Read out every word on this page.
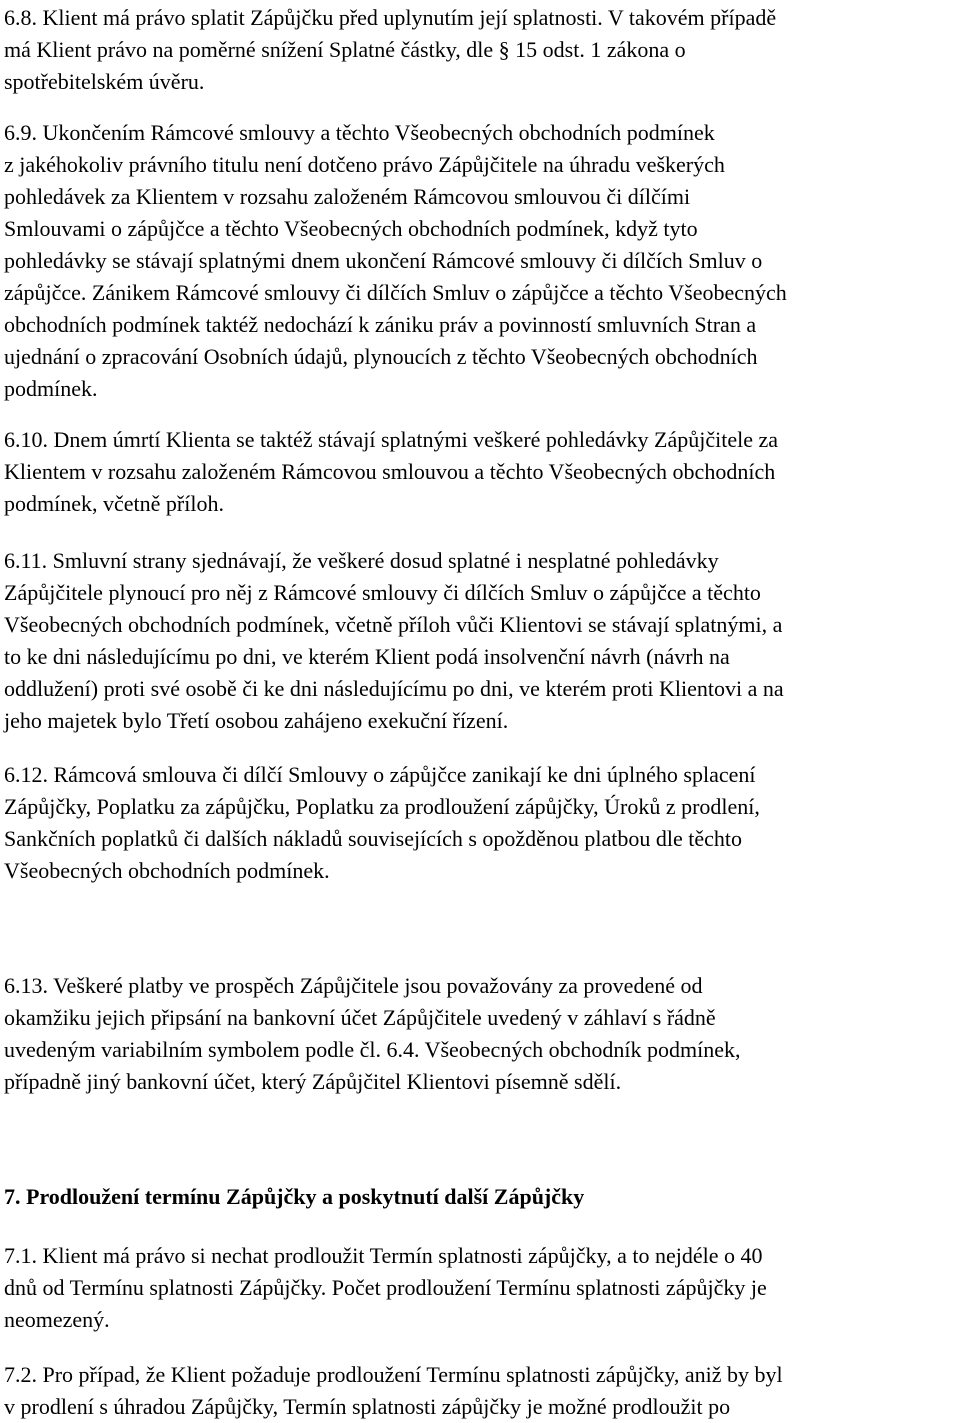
6.8. Klient má právo splatit Zápůjčku před uplynutím její splatnosti. V takovém případě
má Klient právo na poměrné snížení Splatné částky, dle § 15 odst. 1 zákona o
spotřebitelském úvěru.
6.9. Ukončením Rámcové smlouvy a těchto Všeobecných obchodních podmínek
z jakéhokoliv právního titulu není dotčeno právo Zápůjčitele na úhradu veškerých
pohledávek za Klientem v rozsahu založeném Rámcovou smlouvou či dílčími
Smlouvami o zápůjčce a těchto Všeobecných obchodních podmínek, když tyto
pohledávky se stávají splatnými dnem ukončení Rámcové smlouvy či dílčích Smluv o
zápůjčce. Zánikem Rámcové smlouvy či dílčích Smluv o zápůjčce a těchto Všeobecných
obchodních podmínek taktéž nedochází k zániku práv a povinností smluvních Stran a
ujednání o zpracování Osobních údajů, plynoucích z těchto Všeobecných obchodních
podmínek.
6.10. Dnem úmrtí Klienta se taktéž stávají splatnými veškeré pohledávky Zápůjčitele za
Klientem v rozsahu založeném Rámcovou smlouvou a těchto Všeobecných obchodních
podmínek, včetně příloh.
6.11. Smluvní strany sjednávají, že veškeré dosud splatné i nesplatné pohledávky
Zápůjčitele plynoucí pro něj z Rámcové smlouvy či dílčích Smluv o zápůjčce a těchto
Všeobecných obchodních podmínek, včetně příloh vůči Klientovi se stávají splatnými, a
to ke dni následujícímu po dni, ve kterém Klient podá insolvenční návrh (návrh na
oddlužení) proti své osobě či ke dni následujícímu po dni, ve kterém proti Klientovi a na
jeho majetek bylo Třetí osobou zahájeno exekuční řízení.
6.12. Rámcová smlouva či dílčí Smlouvy o zápůjčce zanikají ke dni úplného splacení
Zápůjčky, Poplatku za zápůjčku, Poplatku za prodloužení zápůjčky, Úroků z prodlení,
Sankčních poplatků či dalších nákladů souvisejících s opožděnou platbou dle těchto
Všeobecných obchodních podmínek.
6.13. Veškeré platby ve prospěch Zápůjčitele jsou považovány za provedené od
okamžiku jejich připsání na bankovní účet Zápůjčitele uvedený v záhlaví s řádně
uvedeným variabilním symbolem podle čl. 6.4. Všeobecných obchodník podmínek,
případně jiný bankovní účet, který Zápůjčitel Klientovi písemně sdělí.
7. Prodloužení termínu Zápůjčky a poskytnutí další Zápůjčky
7.1. Klient má právo si nechat prodloužit Termín splatnosti zápůjčky, a to nejdéle o 40
dnů od Termínu splatnosti Zápůjčky. Počet prodloužení Termínu splatnosti zápůjčky je
neomezený.
7.2. Pro případ, že Klient požaduje prodloužení Termínu splatnosti zápůjčky, aniž by byl
v prodlení s úhradou Zápůjčky, Termín splatnosti zápůjčky je možné prodloužit po
